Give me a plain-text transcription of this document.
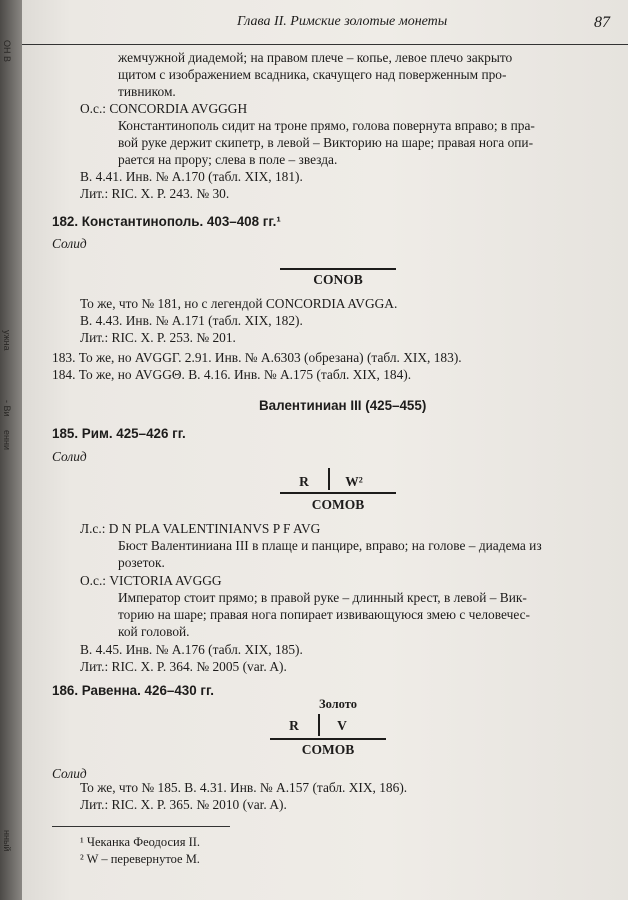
ОН В
ужна
- Ви
енни
нный
Глава II. Римские золотые монеты	87

жемчужной диадемой; на правом плече – копье, левое плечо закрыто
щитом с изображением всадника, скачущего над поверженным про-
тивником.
О.с.: CONCORDIA AVGGGH
Константинополь сидит на троне прямо, голова повернута вправо; в пра-
вой руке держит скипетр, в левой – Викторию на шаре; правая нога опи-
рается на прору; слева в поле – звезда.
В. 4.41. Инв. № А.170 (табл. XIX, 181).
Лит.: RIC. X. P. 243. № 30.
182. Константинополь. 403–408 гг.¹
Солид
CONOB
То же, что № 181, но с легендой CONCORDIA AVGGA.
В. 4.43. Инв. № А.171 (табл. XIX, 182).
Лит.: RIC. X. P. 253. № 201.
183. То же, но AVGGГ. 2.91. Инв. № А.6303 (обрезана) (табл. XIX, 183).
184. То же, но AVGGΘ. В. 4.16. Инв. № А.175 (табл. XIX, 184).
Валентиниан III (425–455)
185. Рим. 425–426 гг.
Солид
R	W²
COMOB
Л.с.: D N PLA VALENTINIANVS P F AVG
Бюст Валентиниана III в плаще и панцире, вправо; на голове – диадема из
розеток.
О.с.: VICTORIA AVGGG
Император стоит прямо; в правой руке – длинный крест, в левой – Вик-
торию на шаре; правая нога попирает извивающуюся змею с человечес-
кой головой.
В. 4.45. Инв. № А.176 (табл. XIX, 185).
Лит.: RIC. X. P. 364. № 2005 (var. A).
186. Равенна. 426–430 гг.
Золото
R	V
COMOB
Солид
То же, что № 185. В. 4.31. Инв. № А.157 (табл. XIX, 186).
Лит.: RIC. X. P. 365. № 2010 (var. A).
¹ Чеканка Феодосия II.
² W – перевернутое M.
